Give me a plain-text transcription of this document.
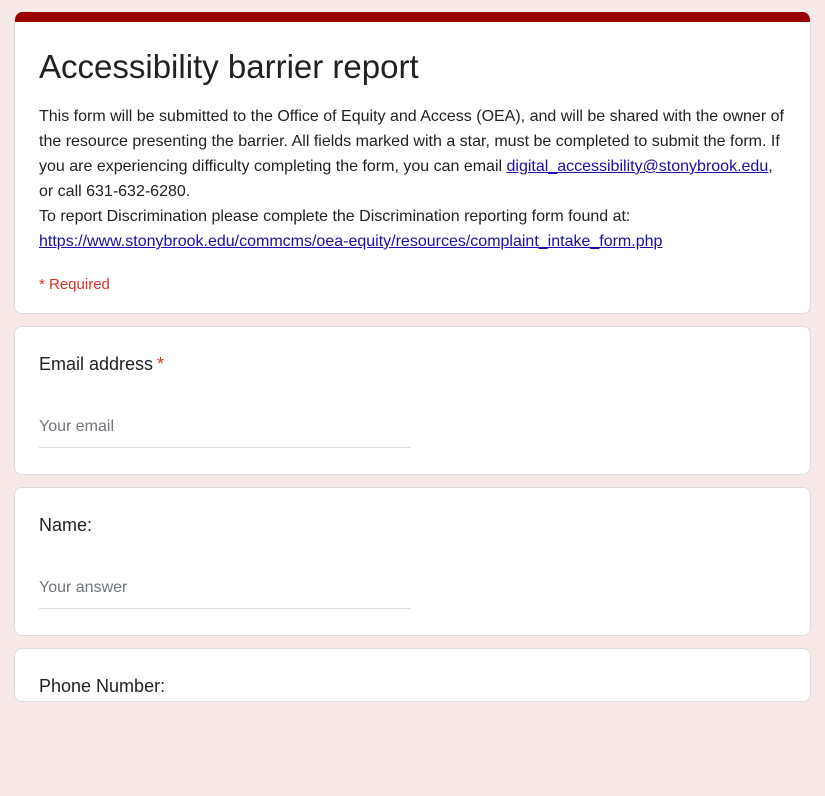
Accessibility barrier report
This form will be submitted to the Office of Equity and Access (OEA), and will be shared with the owner of the resource presenting the barrier. All fields marked with a star, must be completed to submit the form. If you are experiencing difficulty completing the form, you can email digital_accessibility@stonybrook.edu, or call 631-632-6280.
To report Discrimination please complete the Discrimination reporting form found at:
https://www.stonybrook.edu/commcms/oea-equity/resources/complaint_intake_form.php
* Required
Email address *
Your email
Name:
Your answer
Phone Number:
